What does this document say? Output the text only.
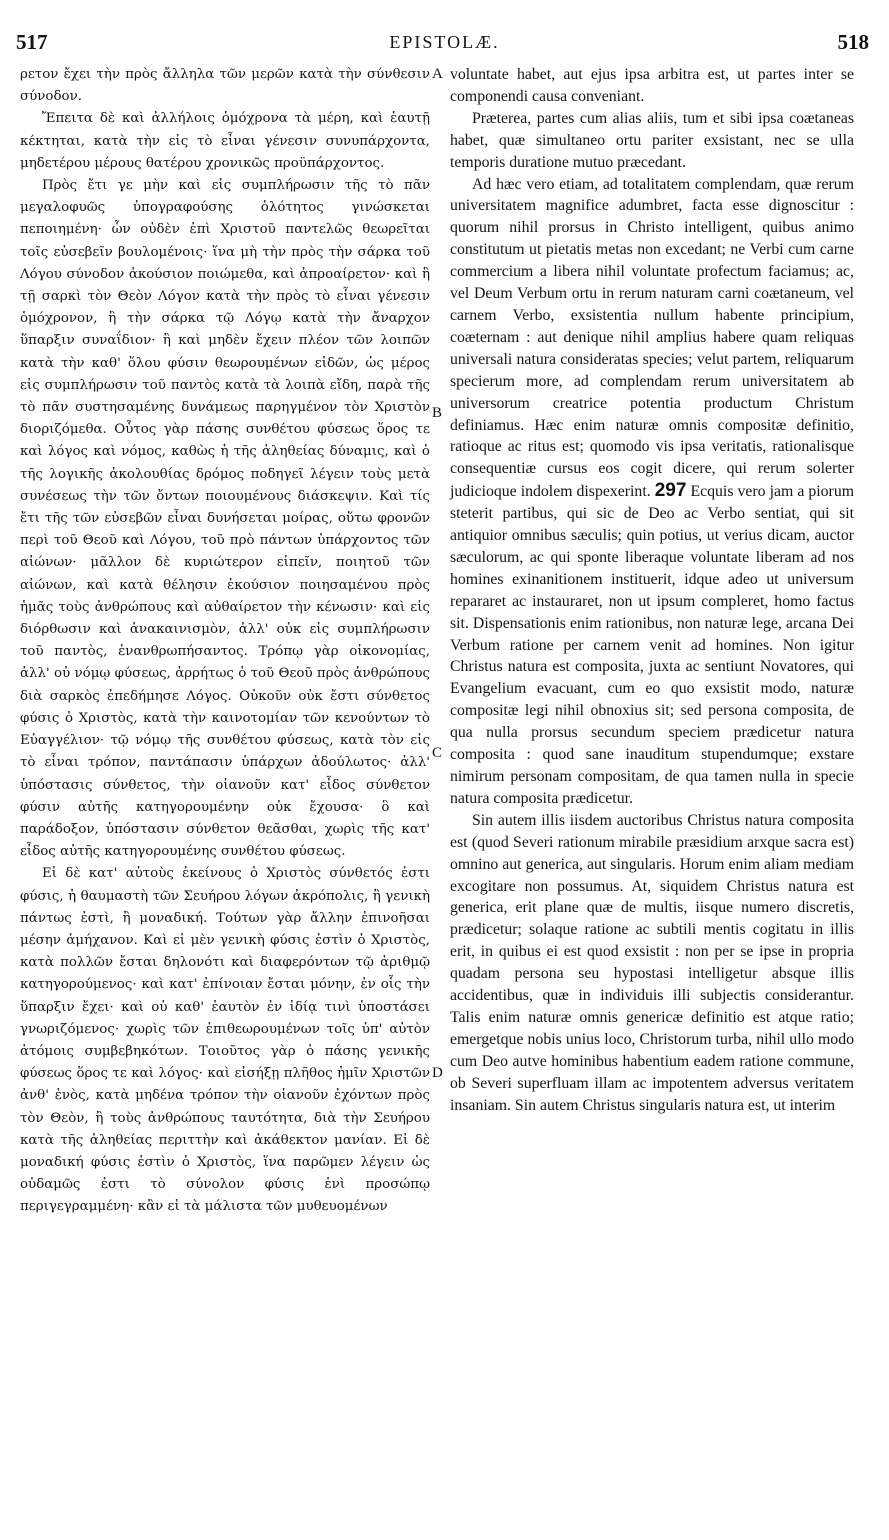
517	EPISTOLÆ.	518

ρετον ἔχει τὴν πρὸς ἄλληλα τῶν μερῶν κατὰ τὴν σύνθεσιν σύνοδον.

Ἔπειτα δὲ καὶ ἀλλήλοις ὁμόχρονα τὰ μέρη, καὶ ἑαυτῇ κέκτηται, κατὰ τὴν εἰς τὸ εἶναι γένεσιν συνυπάρχοντα, μηδετέρου μέρους θατέρου χρονικῶς προϋπάρχοντος.

Πρὸς ἔτι γε μὴν καὶ εἰς συμπλήρωσιν τῆς τὸ πᾶν μεγαλοφυῶς ὑπογραφούσης ὁλότητος γινώσκεται πεποιημένη· ὧν οὐδὲν ἐπὶ Χριστοῦ παντελῶς θεωρεῖται τοῖς εὐσεβεῖν βουλομένοις· ἵνα μὴ τὴν πρὸς τὴν σάρκα τοῦ Λόγου σύνοδον ἀκούσιον ποιώμεθα, καὶ ἀπροαίρετον· καὶ ἢ τῇ σαρκὶ τὸν Θεὸν Λόγον κατὰ τὴν πρὸς τὸ εἶναι γένεσιν ὁμόχρονον, ἢ τὴν σάρκα τῷ Λόγῳ κατὰ τὴν ἄναρχον ὕπαρξιν συναΐδιον· ἢ καὶ μηδὲν ἔχειν πλέον τῶν λοιπῶν κατὰ τὴν καθ' ὅλου φύσιν θεωρουμένων εἰδῶν, ὡς μέρος εἰς συμπλήρωσιν τοῦ παντὸς κατὰ τὰ λοιπὰ εἴδη, παρὰ τῆς τὸ πᾶν συστησαμένης δυνάμεως παρηγμένον τὸν Χριστὸν διοριζόμεθα. Οὗτος γὰρ πάσης συνθέτου φύσεως ὅρος τε καὶ λόγος καὶ νόμος, καθὼς ἡ τῆς ἀληθείας δύναμις, καὶ ὁ τῆς λογικῆς ἀκολουθίας δρόμος ποδηγεῖ λέγειν τοὺς μετὰ συνέσεως τὴν τῶν ὄντων ποιουμένους διάσκεψιν. Καὶ τίς ἔτι τῆς τῶν εὐσεβῶν εἶναι δυνήσεται μοίρας, οὕτω φρονῶν περὶ τοῦ Θεοῦ καὶ Λόγου, τοῦ πρὸ πάντων ὑπάρχοντος τῶν αἰώνων· μᾶλλον δὲ κυριώτερον εἰπεῖν, ποιητοῦ τῶν αἰώνων, καὶ κατὰ θέλησιν ἑκούσιον ποιησαμένου πρὸς ἡμᾶς τοὺς ἀνθρώπους καὶ αὐθαίρετον τὴν κένωσιν· καὶ εἰς διόρθωσιν καὶ ἀνακαινισμὸν, ἀλλ' οὐκ εἰς συμπλήρωσιν τοῦ παντὸς, ἐνανθρωπήσαντος. Τρόπῳ γὰρ οἰκονομίας, ἀλλ' οὐ νόμῳ φύσεως, ἀρρήτως ὁ τοῦ Θεοῦ πρὸς ἀνθρώπους διὰ σαρκὸς ἐπεδήμησε Λόγος. Οὐκοῦν οὐκ ἔστι σύνθετος φύσις ὁ Χριστὸς, κατὰ τὴν καινοτομίαν τῶν κενούντων τὸ Εὐαγγέλιον· τῷ νόμῳ τῆς συνθέτου φύσεως, κατὰ τὸν εἰς τὸ εἶναι τρόπον, παντάπασιν ὑπάρχων ἀδούλωτος· ἀλλ' ὑπόστασις σύνθετος, τὴν οἱανοῦν κατ' εἶδος σύνθετον φύσιν αὐτῆς κατηγορουμένην οὐκ ἔχουσα· ὃ καὶ παράδοξον, ὑπόστασιν σύνθετον θεᾶσθαι, χωρὶς τῆς κατ' εἶδος αὐτῆς κατηγορουμένης συνθέτου φύσεως.

Εἰ δὲ κατ' αὐτοὺς ἐκείνους ὁ Χριστὸς σύνθετός ἐστι φύσις, ἡ θαυμαστὴ τῶν Σευήρου λόγων ἀκρόπολις, ἢ γενικὴ πάντως ἐστὶ, ἢ μοναδική. Τούτων γὰρ ἄλλην ἐπινοῆσαι μέσην ἀμήχανον. Καὶ εἰ μὲν γενικὴ φύσις ἐστὶν ὁ Χριστὸς, κατὰ πολλῶν ἔσται δηλονότι καὶ διαφερόντων τῷ ἀριθμῷ κατηγορούμενος· καὶ κατ' ἐπίνοιαν ἔσται μόνην, ἐν οἷς τὴν ὕπαρξιν ἔχει· καὶ οὐ καθ' ἑαυτὸν ἐν ἰδίᾳ τινὶ ὑποστάσει γνωριζόμενος· χωρὶς τῶν ἐπιθεωρουμένων τοῖς ὑπ' αὐτὸν ἀτόμοις συμβεβηκότων. Τοιοῦτος γὰρ ὁ πάσης γενικῆς φύσεως ὅρος τε καὶ λόγος· καὶ εἰσήξῃ πλῆθος ἡμῖν Χριστῶν ἀνθ' ἑνὸς, κατὰ μηδένα τρόπον τὴν οἱανοῦν ἐχόντων πρὸς τὸν Θεὸν, ἢ τοὺς ἀνθρώπους ταυτότητα, διὰ τὴν Σευήρου κατὰ τῆς ἀληθείας περιττὴν καὶ ἀκάθεκτον μανίαν. Εἰ δὲ μοναδική φύσις ἐστὶν ὁ Χριστὸς, ἵνα παρῶμεν λέγειν ὡς οὐδαμῶς ἐστι τὸ σύνολον φύσις ἑνὶ προσώπῳ περιγεγραμμένη· κἂν εἰ τὰ μάλιστα τῶν μυθευομένων

A
B
C
D

voluntate habet, aut ejus ipsa arbitra est, ut partes inter se componendi causa conveniant.

Præterea, partes cum alias aliis, tum et sibi ipsa coætaneas habet, quæ simultaneo ortu pariter exsistant, nec se ulla temporis duratione mutuo præcedant.

Ad hæc vero etiam, ad totalitatem complendam, quæ rerum universitatem magnifice adumbret, facta esse dignoscitur : quorum nihil prorsus in Christo intelligent, quibus animo constitutum ut pietatis metas non excedant; ne Verbi cum carne commercium a libera nihil voluntate profectum faciamus; ac, vel Deum Verbum ortu in rerum naturam carni coætaneum, vel carnem Verbo, exsistentia nullum habente principium, coæternam : aut denique nihil amplius habere quam reliquas universali natura consideratas species; velut partem, reliquarum specierum more, ad complendam rerum universitatem ab universorum creatrice potentia productum Christum definiamus. Hæc enim naturæ omnis compositæ definitio, ratioque ac ritus est; quomodo vis ipsa veritatis, rationalisque consequentiæ cursus eos cogit dicere, qui rerum solerter judicioque indolem dispexerint. 297 Ecquis vero jam a piorum steterit partibus, qui sic de Deo ac Verbo sentiat, qui sit antiquior omnibus sæculis; quin potius, ut verius dicam, auctor sæculorum, ac qui sponte liberaque voluntate liberam ad nos homines exinanitionem instituerit, idque adeo ut universum repararet ac instauraret, non ut ipsum compleret, homo factus sit. Dispensationis enim rationibus, non naturæ lege, arcana Dei Verbum ratione per carnem venit ad homines. Non igitur Christus natura est composita, juxta ac sentiunt Novatores, qui Evangelium evacuant, cum eo quo exsistit modo, naturæ compositæ legi nihil obnoxius sit; sed persona composita, de qua nulla prorsus secundum speciem prædicetur natura composita : quod sane inauditum stupendumque; exstare nimirum personam compositam, de qua tamen nulla in specie natura composita prædicetur.

Sin autem illis iisdem auctoribus Christus natura composita est (quod Severi rationum mirabile præsidium arxque sacra est) omnino aut generica, aut singularis. Horum enim aliam mediam excogitare non possumus. At, siquidem Christus natura est generica, erit plane quæ de multis, iisque numero discretis, prædicetur; solaque ratione ac subtili mentis cogitatu in illis erit, in quibus ei est quod exsistit : non per se ipse in propria quadam persona seu hypostasi intelligetur absque illis accidentibus, quæ in individuis illi subjectis considerantur. Talis enim naturæ omnis genericæ definitio est atque ratio; emergetque nobis unius loco, Christorum turba, nihil ullo modo cum Deo autve hominibus habentium eadem ratione commune, ob Severi superfluam illam ac impotentem adversus veritatem insaniam. Sin autem Christus singularis natura est, ut interim
